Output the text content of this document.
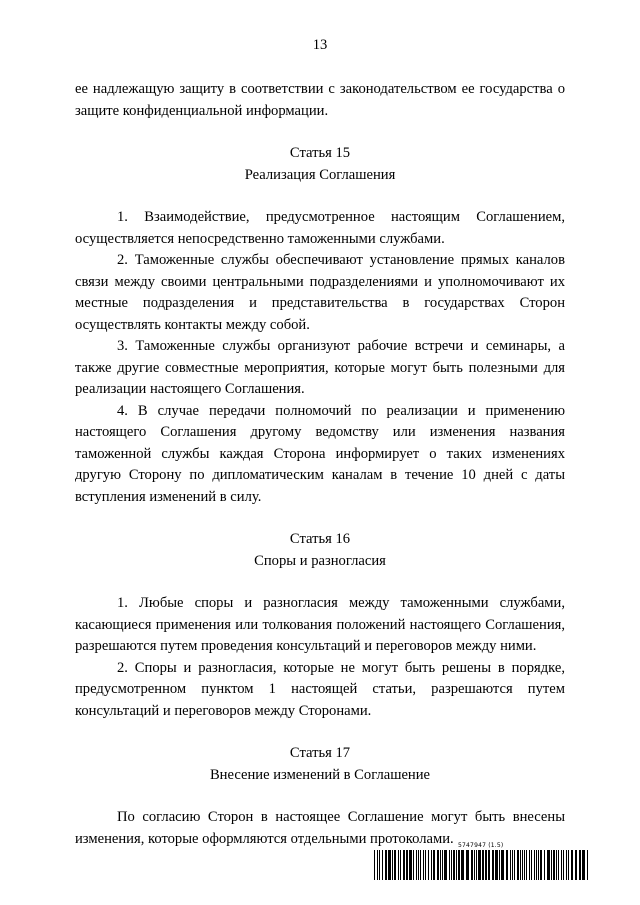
13

ее надлежащую защиту в соответствии с законодательством ее государства о защите конфиденциальной информации.

Статья 15
Реализация Соглашения

1. Взаимодействие, предусмотренное настоящим Соглашением, осуществляется непосредственно таможенными службами.

2. Таможенные службы обеспечивают установление прямых каналов связи между своими центральными подразделениями и уполномочивают их местные подразделения и представительства в государствах Сторон осуществлять контакты между собой.

3. Таможенные службы организуют рабочие встречи и семинары, а также другие совместные мероприятия, которые могут быть полезными для реализации настоящего Соглашения.

4. В случае передачи полномочий по реализации и применению настоящего Соглашения другому ведомству или изменения названия таможенной службы каждая Сторона информирует о таких изменениях другую Сторону по дипломатическим каналам в течение 10 дней с даты вступления изменений в силу.

Статья 16
Споры и разногласия

1. Любые споры и разногласия между таможенными службами, касающиеся применения или толкования положений настоящего Соглашения, разрешаются путем проведения консультаций и переговоров между ними.

2. Споры и разногласия, которые не могут быть решены в порядке, предусмотренном пунктом 1 настоящей статьи, разрешаются путем консультаций и переговоров между Сторонами.

Статья 17
Внесение изменений в Соглашение

По согласию Сторон в настоящее Соглашение могут быть внесены изменения, которые оформляются отдельными протоколами. 5747947 (1.5)
